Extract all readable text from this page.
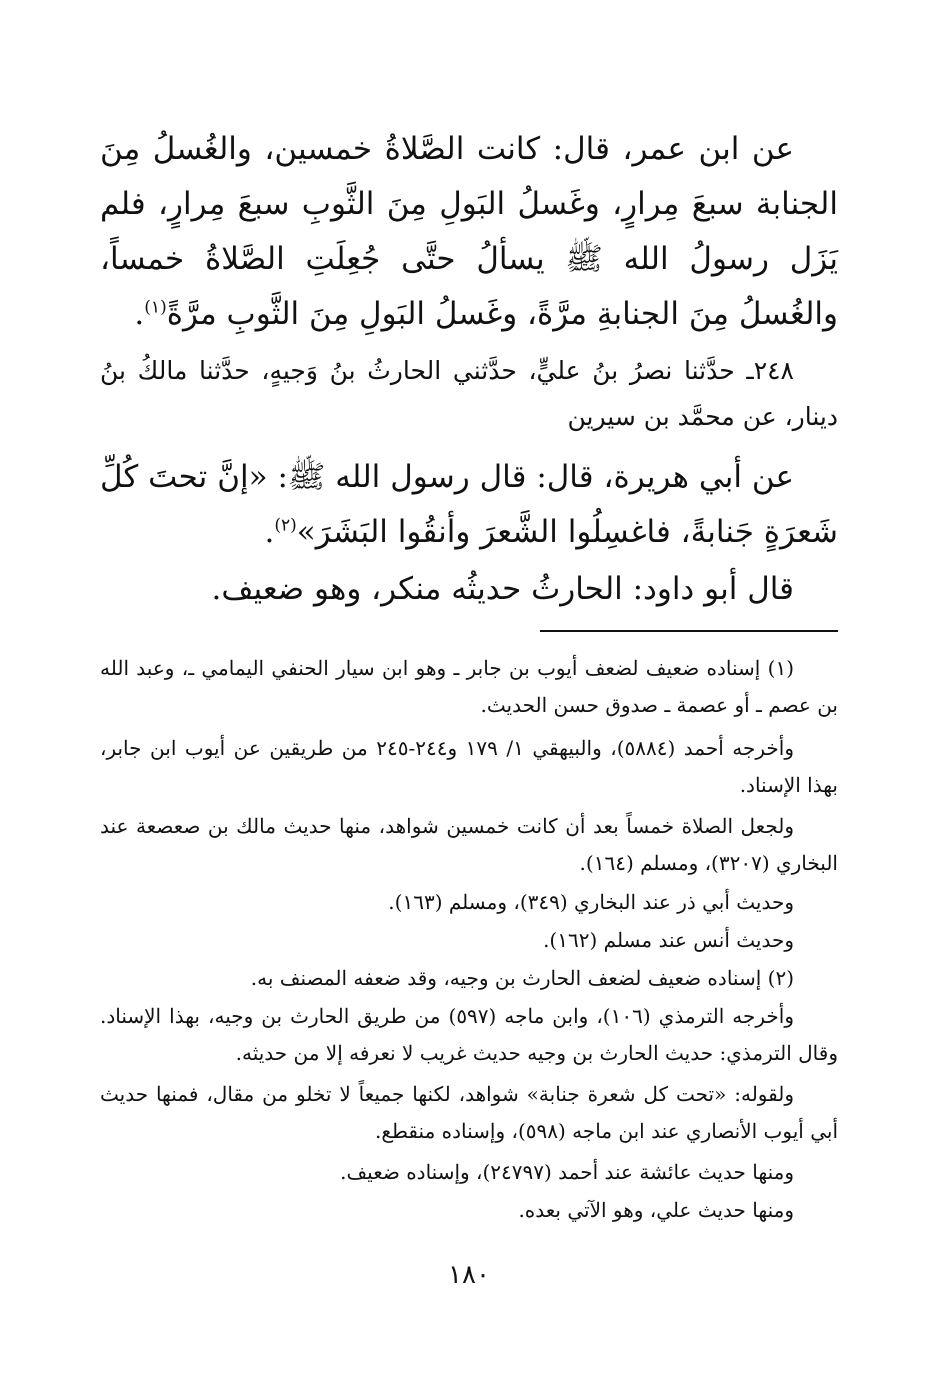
عن ابن عمر، قال: كانت الصَّلاةُ خمسين، والغُسلُ مِنَ الجنابة سبعَ مِرارٍ، وغَسلُ البَولِ مِنَ الثَّوبِ سبعَ مِرارٍ، فلم يَزَل رسولُ الله ﷺ يسألُ حتَّى جُعِلَتِ الصَّلاةُ خمساً، والغُسلُ مِنَ الجنابةِ مرَّةً، وغَسلُ البَولِ مِنَ الثَّوبِ مرَّةً$^{(١)}$.

٢٤٨ـ حدَّثنا نصرُ بنُ عليٍّ، حدَّثني الحارثُ بنُ وَجيهٍ، حدَّثنا مالكُ بنُ دينار، عن محمَّد بن سيرين

عن أبي هريرة، قال: قال رسول الله ﷺ: «إنَّ تحتَ كُلِّ شَعرَةٍ جَنابةً، فاغسِلُوا الشَّعرَ وأنقُوا البَشَرَ»$^{(٢)}$.

قال أبو داود: الحارثُ حديثُه منكر، وهو ضعيف.

(١) إسناده ضعيف لضعف أيوب بن جابر ـ وهو ابن سيار الحنفي اليمامي ـ، وعبد الله بن عصم ـ أو عصمة ـ صدوق حسن الحديث.

وأخرجه أحمد (٥٨٨٤)، والبيهقي ١/ ١٧٩ و٢٤٤-٢٤٥ من طريقين عن أيوب ابن جابر، بهذا الإسناد.

ولجعل الصلاة خمساً بعد أن كانت خمسين شواهد، منها حديث مالك بن صعصعة عند البخاري (٣٢٠٧)، ومسلم (١٦٤).

وحديث أبي ذر عند البخاري (٣٤٩)، ومسلم (١٦٣).

وحديث أنس عند مسلم (١٦٢).

(٢) إسناده ضعيف لضعف الحارث بن وجيه، وقد ضعفه المصنف به.

وأخرجه الترمذي (١٠٦)، وابن ماجه (٥٩٧) من طريق الحارث بن وجيه، بهذا الإسناد. وقال الترمذي: حديث الحارث بن وجيه حديث غريب لا نعرفه إلا من حديثه.

ولقوله: «تحت كل شعرة جنابة» شواهد، لكنها جميعاً لا تخلو من مقال، فمنها حديث أبي أيوب الأنصاري عند ابن ماجه (٥٩٨)، وإسناده منقطع.

ومنها حديث عائشة عند أحمد (٢٤٧٩٧)، وإسناده ضعيف.

ومنها حديث علي، وهو الآتي بعده.

١٨٠
